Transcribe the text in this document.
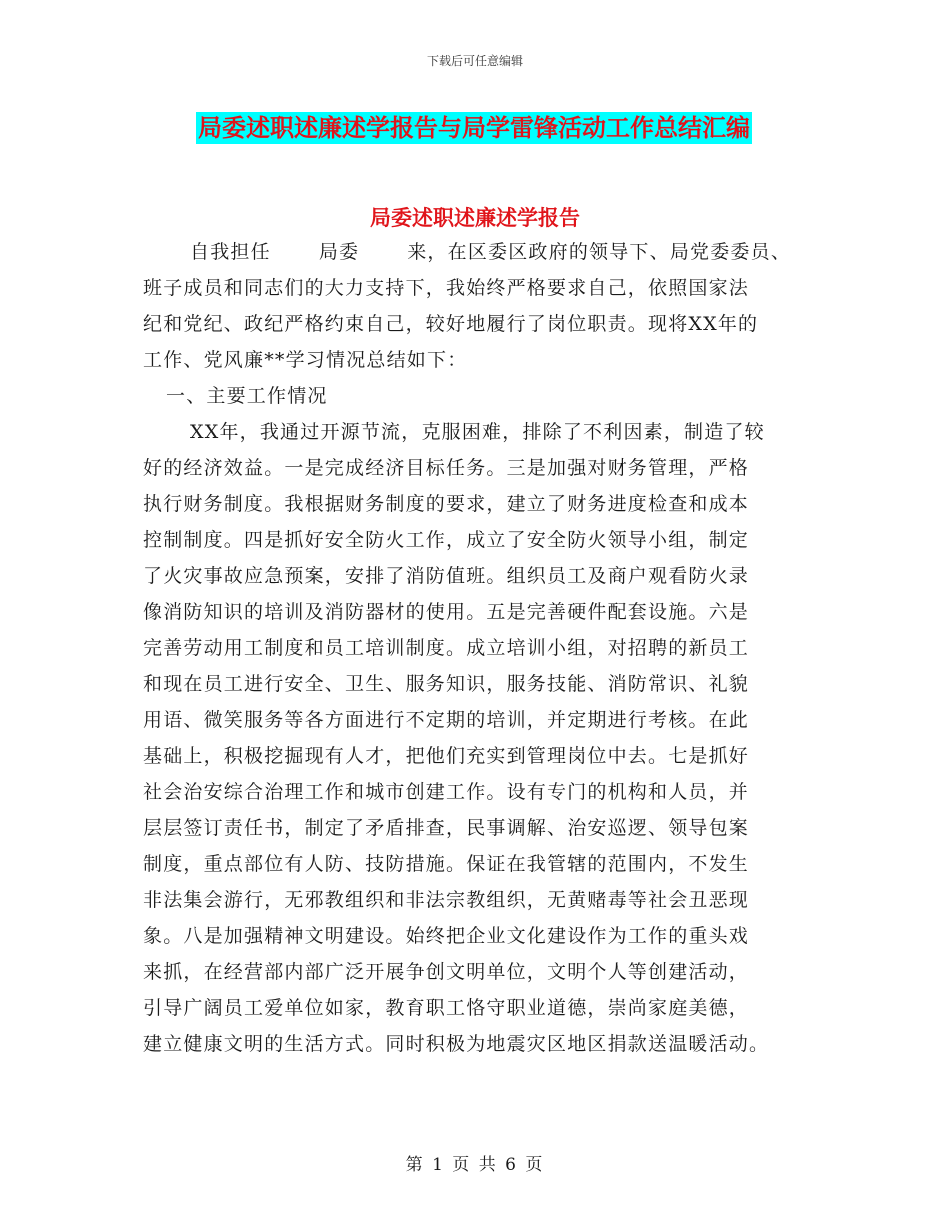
下载后可任意编辑
局委述职述廉述学报告与局学雷锋活动工作总结汇编
局委述职述廉述学报告
自我担任	局委	来，在区委区政府的领导下、局党委委员、
班子成员和同志们的大力支持下，我始终严格要求自己，依照国家法
纪和党纪、政纪严格约束自己，较好地履行了岗位职责。现将XX年的
工作、党风廉**学习情况总结如下：
一、主要工作情况
XX年，我通过开源节流，克服困难，排除了不利因素，制造了较
好的经济效益。一是完成经济目标任务。三是加强对财务管理，严格
执行财务制度。我根据财务制度的要求，建立了财务进度检查和成本
控制制度。四是抓好安全防火工作，成立了安全防火领导小组，制定
了火灾事故应急预案，安排了消防值班。组织员工及商户观看防火录
像消防知识的培训及消防器材的使用。五是完善硬件配套设施。六是
完善劳动用工制度和员工培训制度。成立培训小组，对招聘的新员工
和现在员工进行安全、卫生、服务知识，服务技能、消防常识、礼貌
用语、微笑服务等各方面进行不定期的培训，并定期进行考核。在此
基础上，积极挖掘现有人才，把他们充实到管理岗位中去。七是抓好
社会治安综合治理工作和城市创建工作。设有专门的机构和人员，并
层层签订责任书，制定了矛盾排查，民事调解、治安巡逻、领导包案
制度，重点部位有人防、技防措施。保证在我管辖的范围内，不发生
非法集会游行，无邪教组织和非法宗教组织，无黄赌毒等社会丑恶现
象。八是加强精神文明建设。始终把企业文化建设作为工作的重头戏
来抓，在经营部内部广泛开展争创文明单位，文明个人等创建活动，
引导广阔员工爱单位如家，教育职工恪守职业道德，崇尚家庭美德，
建立健康文明的生活方式。同时积极为地震灾区地区捐款送温暖活动。
第 1 页 共 6 页
